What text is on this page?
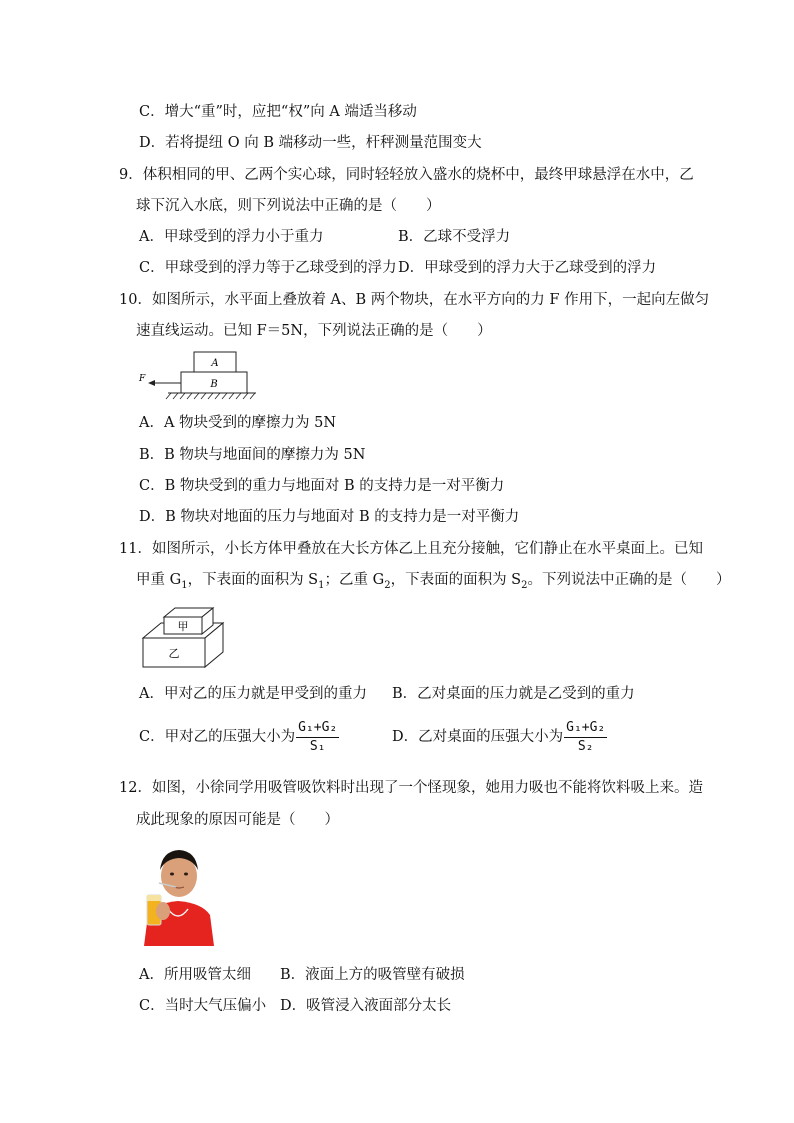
C．增大“重”时，应把“权”向 A 端适当移动
D．若将提纽 O 向 B 端移动一些，杆秤测量范围变大
9．体积相同的甲、乙两个实心球，同时轻轻放入盛水的烧杯中，最终甲球悬浮在水中，乙
球下沉入水底，则下列说法中正确的是（　　）
A．甲球受到的浮力小于重力	B．乙球不受浮力
C．甲球受到的浮力等于乙球受到的浮力 D．甲球受到的浮力大于乙球受到的浮力
10．如图所示，水平面上叠放着 A、B 两个物块，在水平方向的力 F 作用下，一起向左做匀
速直线运动。已知 F＝5N，下列说法正确的是（　　）
A
B
F
A．A 物块受到的摩擦力为 5N
B．B 物块与地面间的摩擦力为 5N
C．B 物块受到的重力与地面对 B 的支持力是一对平衡力
D．B 物块对地面的压力与地面对 B 的支持力是一对平衡力
11．如图所示，小长方体甲叠放在大长方体乙上且充分接触，它们静止在水平桌面上。已知
甲重 $G_1$，下表面的面积为 $S_1$；乙重 $G_2$，下表面的面积为 $S_2$。下列说法中正确的是（　　）
甲
乙
A．甲对乙的压力就是甲受到的重力 B．乙对桌面的压力就是乙受到的重力
C．甲对乙的压强大小为 $\frac{\text{G₁+G₂}}{\text{S₁}}$	D．乙对桌面的压强大小为 $\frac{\text{G₁+G₂}}{\text{S₂}}$
12．如图，小徐同学用吸管吸饮料时出现了一个怪现象，她用力吸也不能将饮料吸上来。造
成此现象的原因可能是（　　）
A．所用吸管太细 B．液面上方的吸管壁有破损
C．当时大气压偏小 D．吸管浸入液面部分太长
